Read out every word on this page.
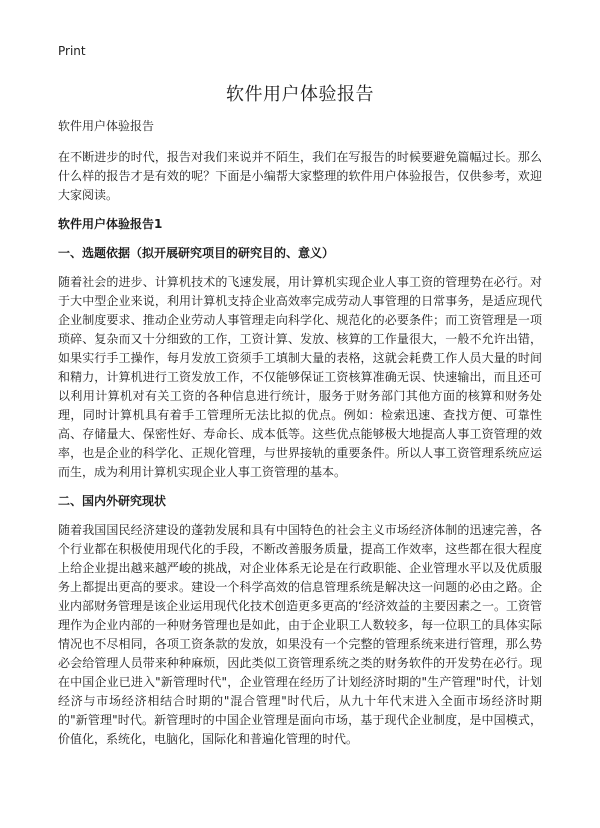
Print
软件用户体验报告

软件用户体验报告

在不断进步的时代，报告对我们来说并不陌生，我们在写报告的时候要避免篇幅过长。那么什么样的报告才是有效的呢？下面是小编帮大家整理的软件用户体验报告，仅供参考，欢迎大家阅读。

软件用户体验报告1

一、选题依据（拟开展研究项目的研究目的、意义）

随着社会的进步、计算机技术的飞速发展，用计算机实现企业人事工资的管理势在必行。对于大中型企业来说，利用计算机支持企业高效率完成劳动人事管理的日常事务，是适应现代企业制度要求、推动企业劳动人事管理走向科学化、规范化的必要条件；而工资管理是一项琐碎、复杂而又十分细致的工作，工资计算、发放、核算的工作量很大，一般不允许出错，如果实行手工操作，每月发放工资须手工填制大量的表格，这就会耗费工作人员大量的时间和精力，计算机进行工资发放工作，不仅能够保证工资核算准确无误、快速输出，而且还可以利用计算机对有关工资的各种信息进行统计，服务于财务部门其他方面的核算和财务处理，同时计算机具有着手工管理所无法比拟的优点。例如：检索迅速、查找方便、可靠性高、存储量大、保密性好、寿命长、成本低等。这些优点能够极大地提高人事工资管理的效率，也是企业的科学化、正规化管理，与世界接轨的重要条件。所以人事工资管理系统应运而生，成为利用计算机实现企业人事工资管理的基本。

二、国内外研究现状

随着我国国民经济建设的蓬勃发展和具有中国特色的社会主义市场经济体制的迅速完善，各个行业都在积极使用现代化的手段，不断改善服务质量，提高工作效率，这些都在很大程度上给企业提出越来越严峻的挑战，对企业体系无论是在行政职能、企业管理水平以及优质服务上都提出更高的要求。建设一个科学高效的信息管理系统是解决这一问题的必由之路。企业内部财务管理是该企业运用现代化技术创造更多更高的‘经济效益的主要因素之一。工资管理作为企业内部的一种财务管理也是如此，由于企业职工人数较多，每一位职工的具体实际情况也不尽相同，各项工资条款的发放，如果没有一个完整的管理系统来进行管理，那么势必会给管理人员带来种种麻烦，因此类似工资管理系统之类的财务软件的开发势在必行。现在中国企业已进入"新管理时代"，企业管理在经历了计划经济时期的"生产管理"时代，计划经济与市场经济相结合时期的"混合管理"时代后，从九十年代末进入全面市场经济时期的"新管理"时代。新管理时的中国企业管理是面向市场，基于现代企业制度，是中国模式，价值化，系统化，电脑化，国际化和普遍化管理的时代。
